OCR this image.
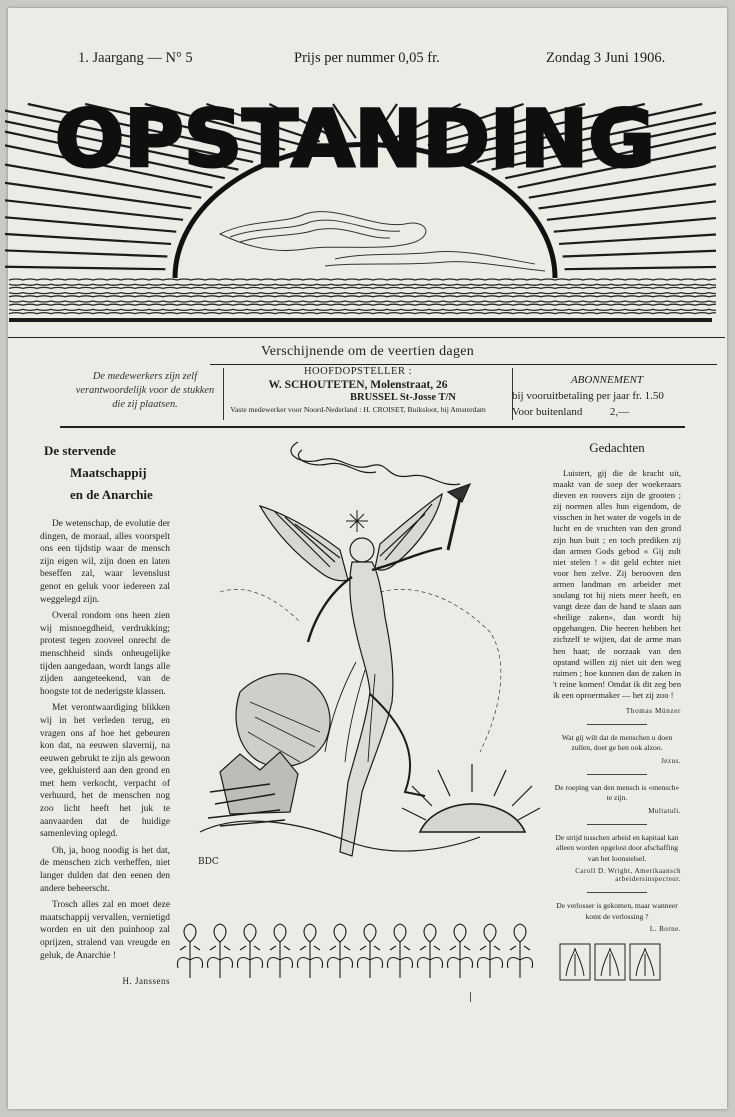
1. Jaargang — N° 5	Prijs per nummer 0,05 fr.	Zondag 3 Juni 1906.
OPSTANDING
Verschijnende om de veertien dagen
De medewerkers zijn zelf verantwoordelijk voor de stukken die zij plaatsen.
HOOFDOPSTELLER :
W. SCHOUTETEN, Molenstraat, 26
BRUSSEL St-Josse T/N
Vaste medewerker voor Noord-Nederland : H. CROISET, Buiksloot, bij Amsterdam
ABONNEMENT
bij vooruitbetaling per jaar fr. 1.50
Voor buitenland          2,—
De stervende
Maatschappij
en de Anarchie

De wetenschap, de evolutie der dingen, de moraal, alles voorspelt ons een tijdstip waar de mensch zijn eigen wil, zijn doen en laten beseffen zal, waar levenslust genot en geluk voor iedereen zal weggelegd zijn.

Overal rondom ons heen zien wij misnoegdheid, verdrukking; protest tegen zooveel onrecht de menschheid sinds onheugelijke tijden aangedaan, wordt langs alle zijden aangeteekend, van de hoogste tot de nederigste klassen.

Met verontwaardiging blikken wij in het verleden terug, en vragen ons af hoe het gebeuren kon dat, na eeuwen slavernij, na eeuwen gebrukt te zijn als gewoon vee, gekluisterd aan den grond en met hem verkocht, verpacht of verhuurd, het de menschen nog zoo licht heeft het juk te aanvaarden dat de huidige samenleving oplegd.

Oh, ja, hoog noodig is het dat, de menschen zich verheffen, niet langer dulden dat den eenen den andere beheerscht.

Trosch alles zal en moet deze maatschappij vervallen, vernietigd worden en uit den puinhoop zal oprijzen, stralend van vreugde en geluk, de Anarchie !

H. Janssens
BDC
Gedachten

Luistert, gij die de kracht uit, maakt van de soep der woekeraars dieven en roovers zijn de grooten ; zij noemen alles hun eigendom, de visschen in het water de vogels in de lucht en de vruchten van den grond zijn hun buit ; en toch prediken zij dan armen Gods gebod « Gij zult niet stelen ! » dit geld echter niet voor hen zelve. Zij berooven den armen landman en arbeider met soulang tot hij niets meer heeft, en vangt deze dan de hand te slaan aan «heilige zaken», dan wordt hij opgehangen. Die heeren hebben het zichzelf te wijten, dat de arme man hen haat; de oorzaak van den opstand willen zij niet uit den weg ruimen ; hoe kunnen dan de zaken in 't reine komen! Omdat ik dit zeg ben ik een oproermaker — het zij zoo !

Thomas Münzer

Wat gij wilt dat de menschen u doen zullen, doet ge hen ook alzoo.

Jezus.

De roeping van den mensch is «mensch» te zijn.

Multatuli.

De strijd tusschen arbeid en kapitaal kan alleen worden opgelost door afschaffing van het loonstelsel.

Caroll D. Wright, Amerikaansch arbeidersinspecteur.

De verlosser is gekomen, maar wanneer komt de verlossing ?

L. Borne.
